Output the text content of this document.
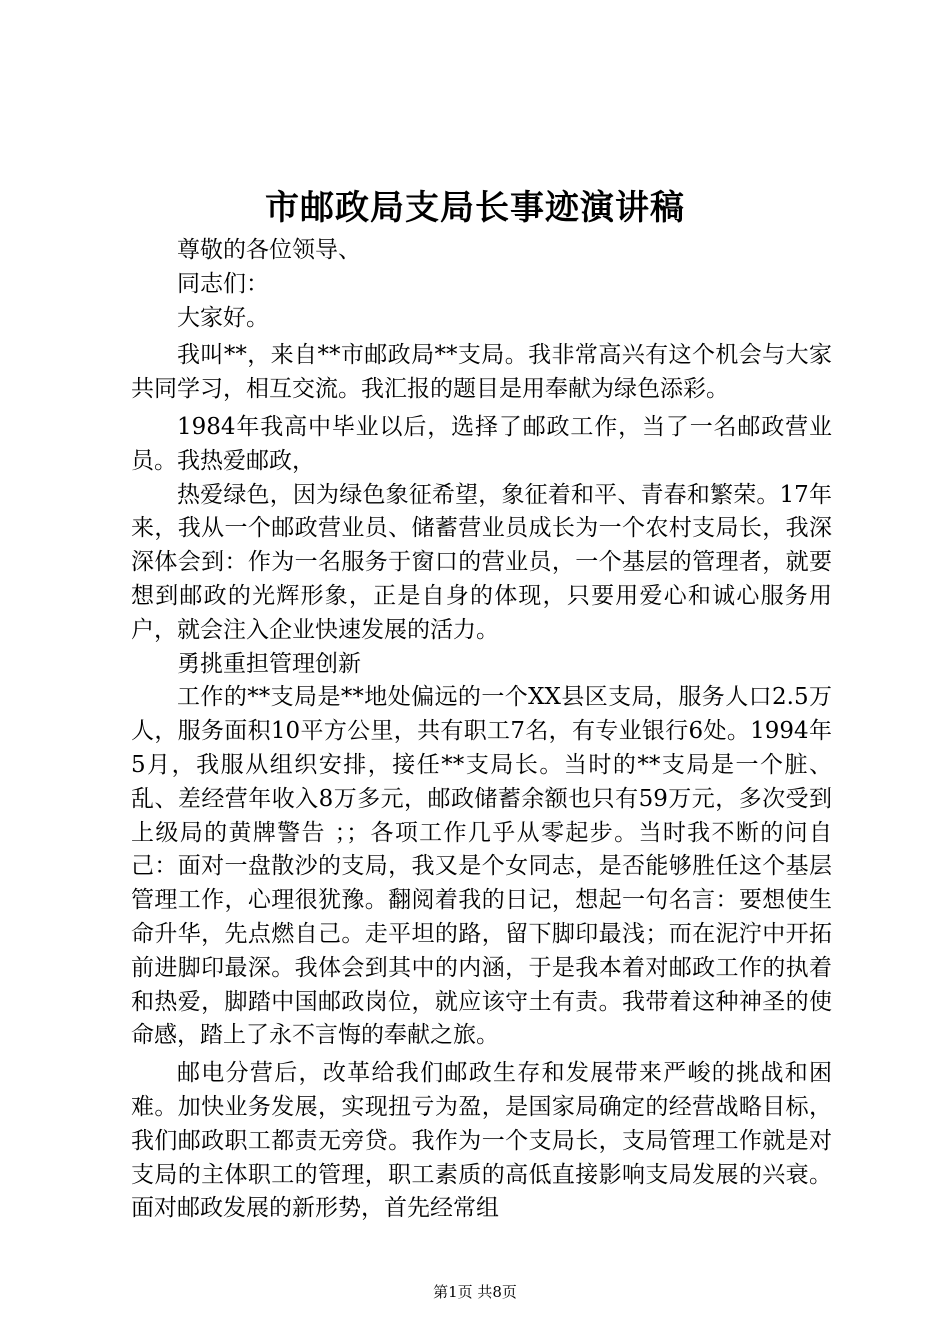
市邮政局支局长事迹演讲稿

尊敬的各位领导、

同志们：

大家好。

我叫**，来自**市邮政局**支局。我非常高兴有这个机会与大家共同学习，相互交流。我汇报的题目是用奉献为绿色添彩。

1984年我高中毕业以后，选择了邮政工作，当了一名邮政营业员。我热爱邮政，

热爱绿色，因为绿色象征希望，象征着和平、青春和繁荣。17年来，我从一个邮政营业员、储蓄营业员成长为一个农村支局长，我深深体会到：作为一名服务于窗口的营业员，一个基层的管理者，就要想到邮政的光辉形象，正是自身的体现，只要用爱心和诚心服务用户，就会注入企业快速发展的活力。

勇挑重担管理创新

工作的**支局是**地处偏远的一个XX县区支局，服务人口2.5万人，服务面积10平方公里，共有职工7名，有专业银行6处。1994年5月，我服从组织安排，接任**支局长。当时的**支局是一个脏、乱、差经营年收入8万多元，邮政储蓄余额也只有59万元，多次受到上级局的黄牌警告 ；；各项工作几乎从零起步。当时我不断的问自己：面对一盘散沙的支局，我又是个女同志，是否能够胜任这个基层管理工作，心理很犹豫。翻阅着我的日记，想起一句名言：要想使生命升华，先点燃自己。走平坦的路，留下脚印最浅；而在泥泞中开拓前进脚印最深。我体会到其中的内涵，于是我本着对邮政工作的执着和热爱，脚踏中国邮政岗位，就应该守土有责。我带着这种神圣的使命感，踏上了永不言悔的奉献之旅。

邮电分营后，改革给我们邮政生存和发展带来严峻的挑战和困难。加快业务发展，实现扭亏为盈，是国家局确定的经营战略目标，我们邮政职工都责无旁贷。我作为一个支局长，支局管理工作就是对支局的主体职工的管理，职工素质的高低直接影响支局发展的兴衰。面对邮政发展的新形势，首先经常组

第1页 共8页
